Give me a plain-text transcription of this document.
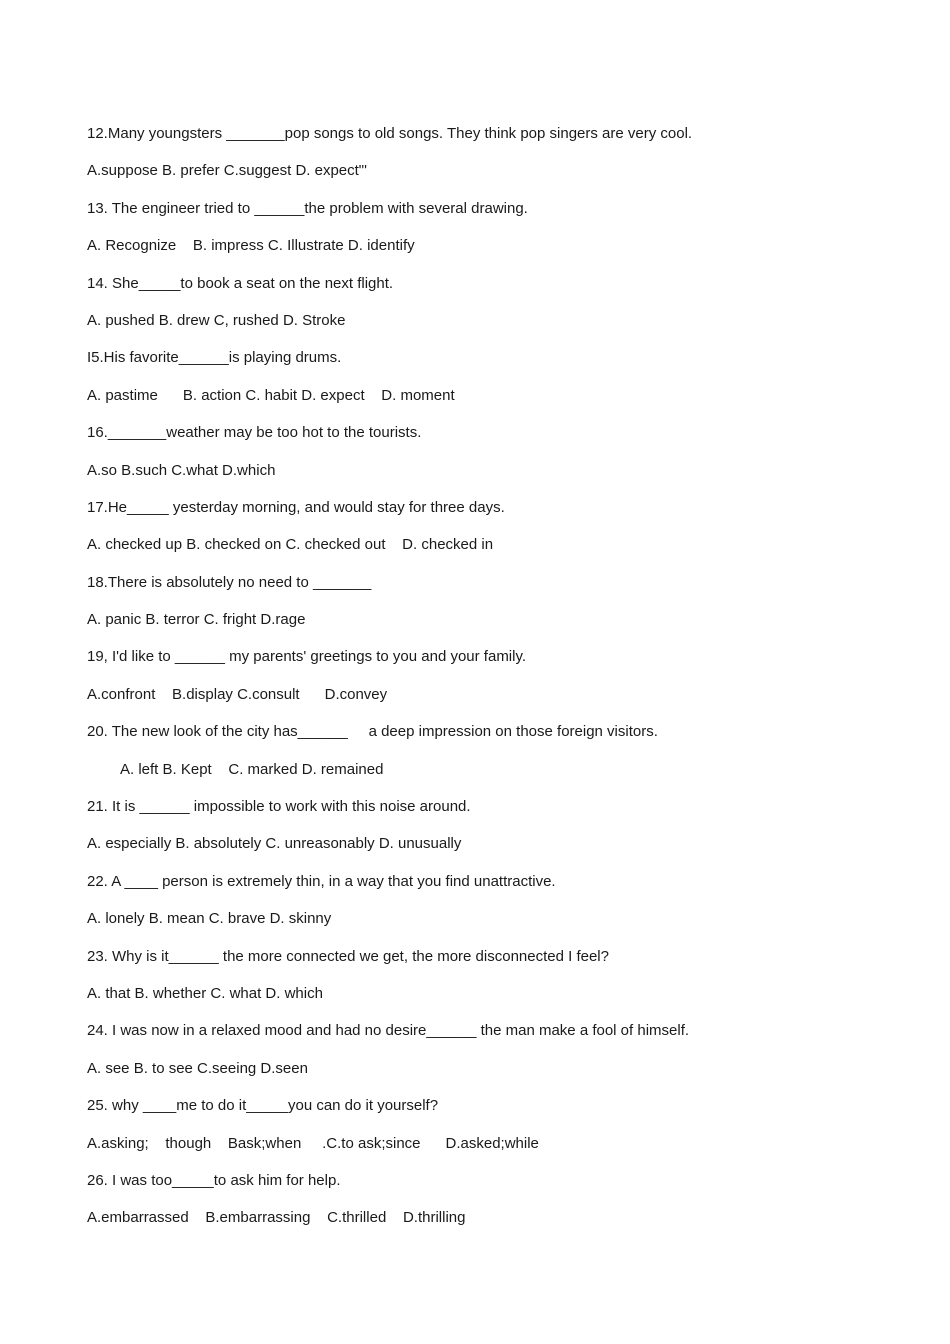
12.Many youngsters _______pop songs to old songs. They think pop singers are very cool.
A.suppose B. prefer C.suggest D. expect"'
13. The engineer tried to ______the problem with several drawing.
A. Recognize    B. impress C. Illustrate D. identify
14. She_____to book a seat on the next flight.
A. pushed B. drew C, rushed D. Stroke
I5.His favorite______is playing drums.
A. pastime      B. action C. habit D. expect    D. moment
16._______weather may be too hot to the tourists.
A.so B.such C.what D.which
17.He_____ yesterday morning, and would stay for three days.
A. checked up B. checked on C. checked out    D. checked in
18.There is absolutely no need to _______
A. panic B. terror C. fright D.rage
19, I'd like to ______ my parents' greetings to you and your family.
A.confront    B.display C.consult      D.convey
20. The new look of the city has______     a deep impression on those foreign visitors.
A. left B. Kept    C. marked D. remained
21. It is ______ impossible to work with this noise around.
A. especially B. absolutely C. unreasonably D. unusually
22. A ____ person is extremely thin, in a way that you find unattractive.
A. lonely B. mean C. brave D. skinny
23. Why is it______ the more connected we get, the more disconnected I feel?
A. that B. whether C. what D. which
24. I was now in a relaxed mood and had no desire______ the man make a fool of himself.
A. see B. to see C.seeing D.seen
25. why ____me to do it_____you can do it yourself?
A.asking;    though    Bask;when     .C.to ask;since      D.asked;while
26. I was too_____to ask him for help.
A.embarrassed    B.embarrassing    C.thrilled    D.thrilling
